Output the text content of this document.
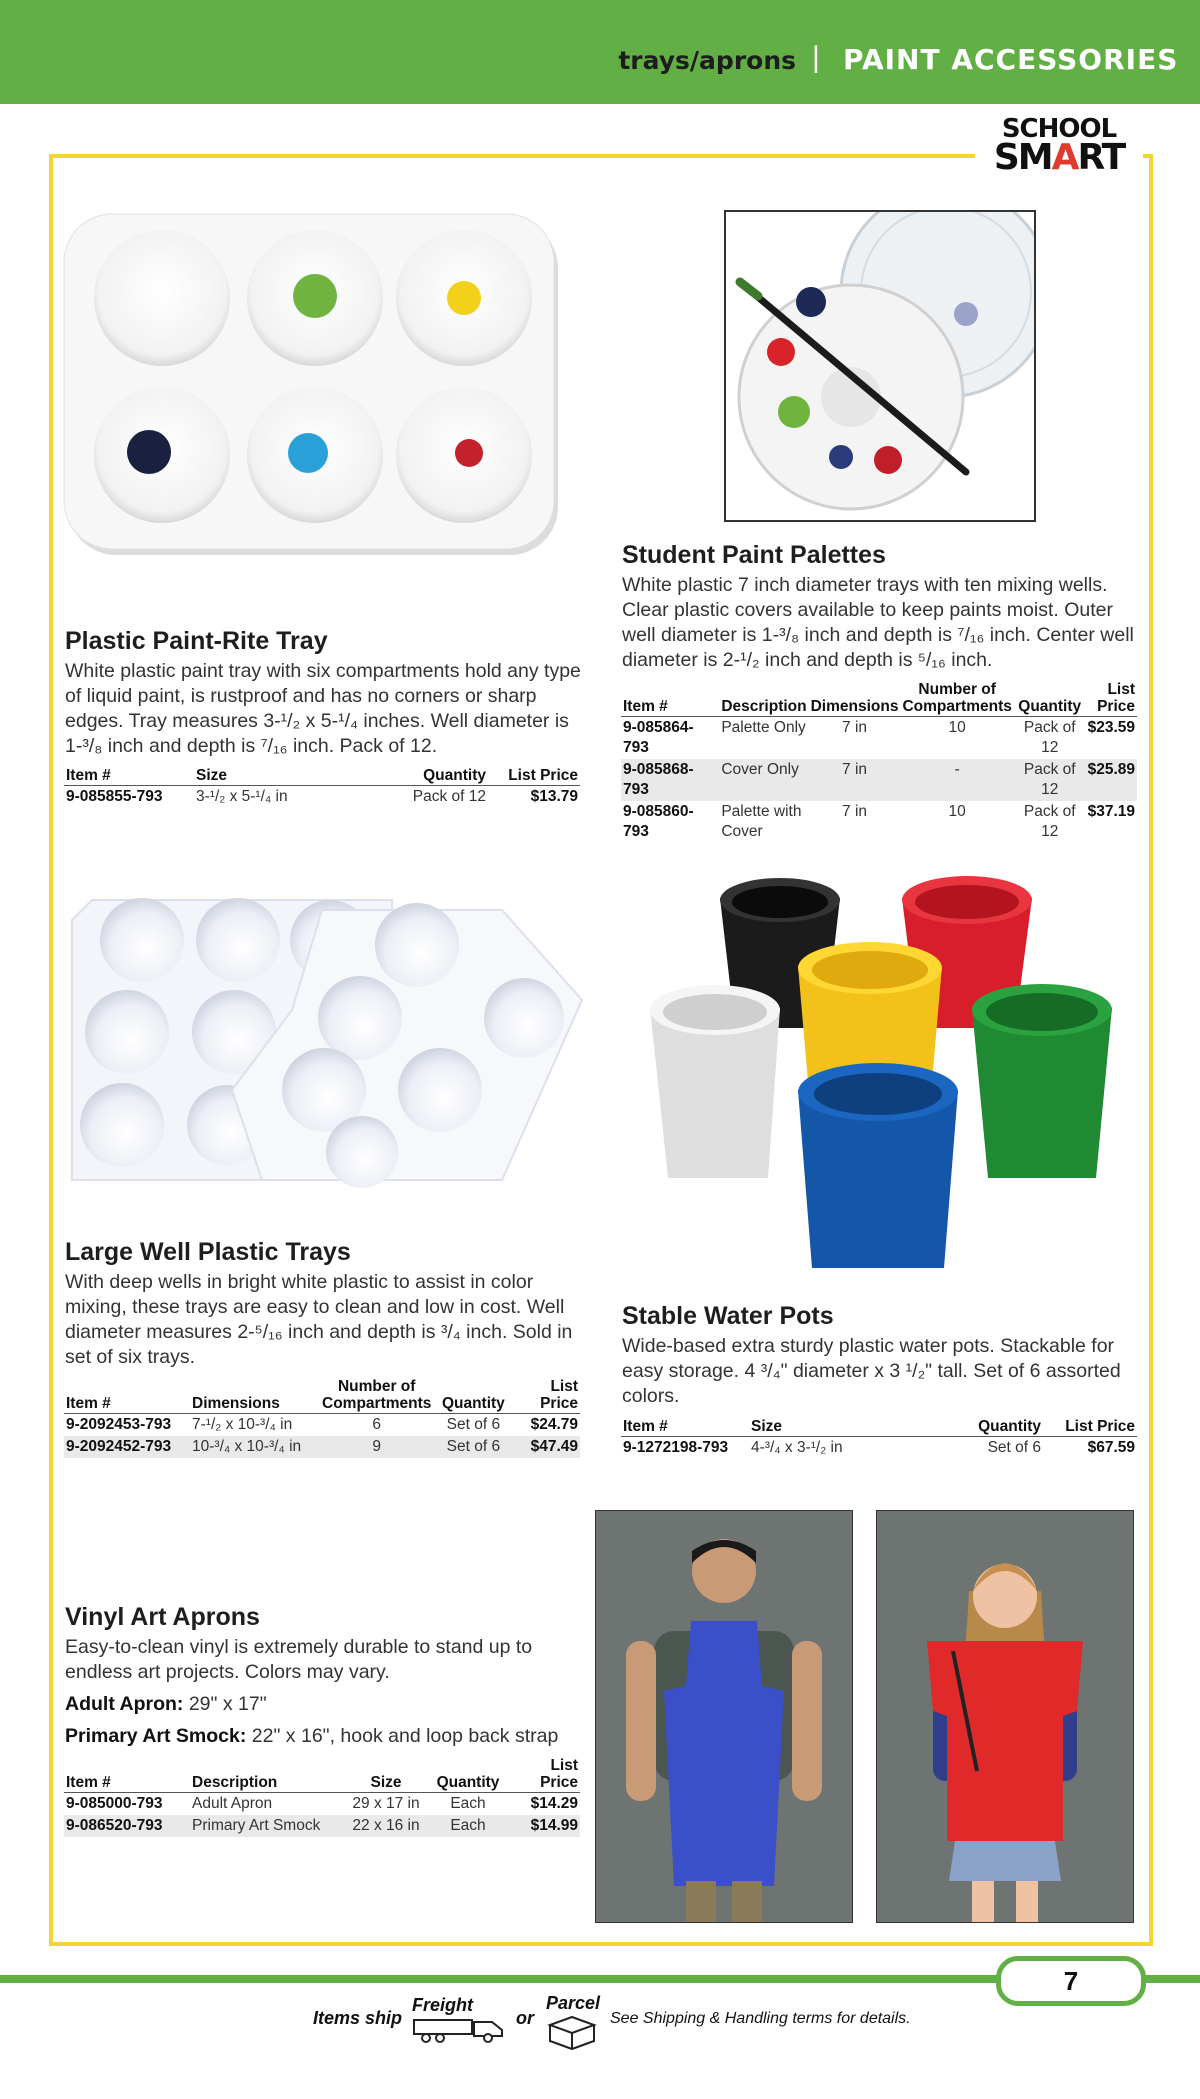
trays/aprons | PAINT ACCESSORIES
SCHOOL
SMART
Plastic Paint-Rite Tray
White plastic paint tray with six compartments hold any type of liquid paint, is rustproof and has no corners or sharp edges. Tray measures 3-¹/₂ x 5-¹/₄ inches. Well diameter is 1-³/₈ inch and depth is ⁷/₁₆ inch. Pack of 12.
Item #	Size	Quantity	List Price
9-085855-793	3-¹/₂ x 5-¹/₄ in	Pack of 12	$13.79
Student Paint Palettes
White plastic 7 inch diameter trays with ten mixing wells. Clear plastic covers available to keep paints moist. Outer well diameter is 1-³/₈ inch and depth is ⁷/₁₆ inch. Center well diameter is 2-¹/₂ inch and depth is ⁵/₁₆ inch.
Item #	Description	Dimensions	Number of Compartments	Quantity	List Price
9-085864-793	Palette Only	7 in	10	Pack of 12	$23.59
9-085868-793	Cover Only	7 in	-	Pack of 12	$25.89
9-085860-793	Palette with Cover	7 in	10	Pack of 12	$37.19
Large Well Plastic Trays
With deep wells in bright white plastic to assist in color mixing, these trays are easy to clean and low in cost. Well diameter measures 2-⁵/₁₆ inch and depth is ³/₄ inch. Sold in set of six trays.
Item #	Dimensions	Number of Compartments	Quantity	List Price
9-2092453-793	7-¹/₂ x 10-³/₄ in	6	Set of 6	$24.79
9-2092452-793	10-³/₄ x 10-³/₄ in	9	Set of 6	$47.49
Stable Water Pots
Wide-based extra sturdy plastic water pots. Stackable for easy storage. 4 ³/₄" diameter x 3 ¹/₂" tall. Set of 6 assorted colors.
Item #	Size	Quantity	List Price
9-1272198-793	4-³/₄ x 3-¹/₂ in	Set of 6	$67.59
Vinyl Art Aprons
Easy-to-clean vinyl is extremely durable to stand up to endless art projects. Colors may vary.
Adult Apron: 29" x 17"
Primary Art Smock: 22" x 16", hook and loop back strap
Item #	Description	Size	Quantity	List Price
9-085000-793	Adult Apron	29 x 17 in	Each	$14.29
9-086520-793	Primary Art Smock	22 x 16 in	Each	$14.99
7
Items ship
Freight
or
Parcel
See Shipping & Handling terms for details.
